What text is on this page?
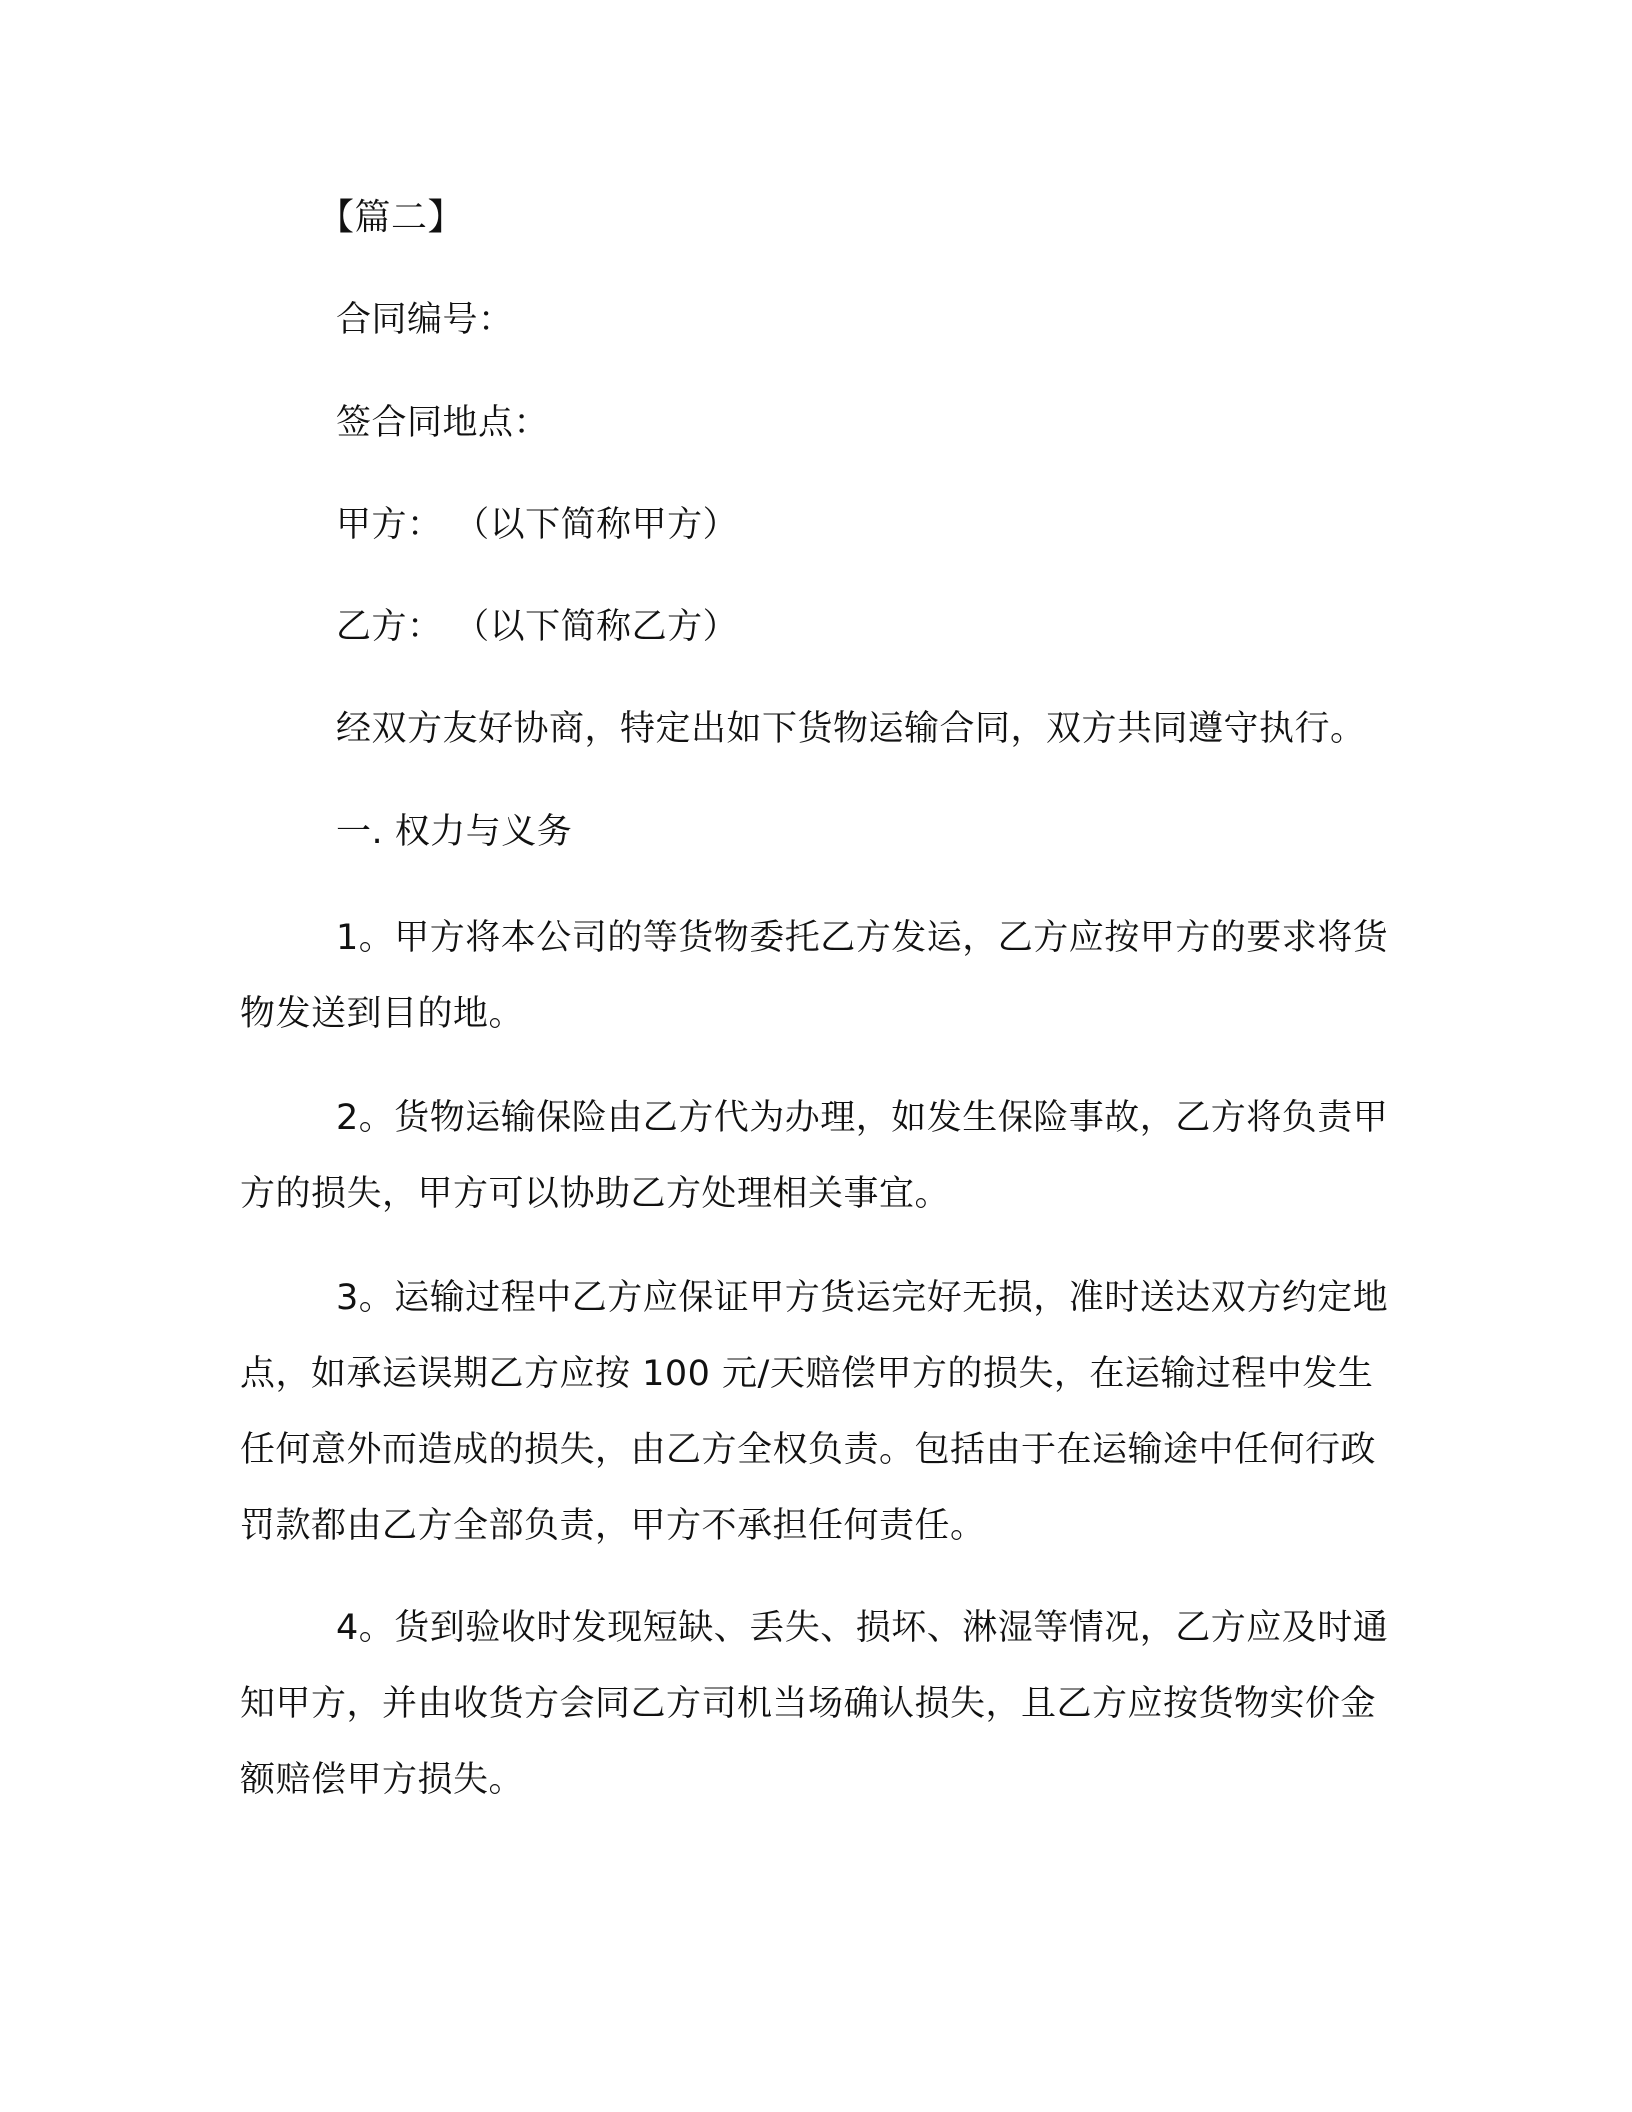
【篇二】
合同编号：
签合同地点：
甲方： （以下简称甲方）
乙方： （以下简称乙方）
经双方友好协商，特定出如下货物运输合同，双方共同遵守执行。
一. 权力与义务
1。甲方将本公司的等货物委托乙方发运，乙方应按甲方的要求将货物发送到目的地。
2。货物运输保险由乙方代为办理，如发生保险事故，乙方将负责甲方的损失，甲方可以协助乙方处理相关事宜。
3。运输过程中乙方应保证甲方货运完好无损，准时送达双方约定地点，如承运误期乙方应按 100 元/天赔偿甲方的损失，在运输过程中发生任何意外而造成的损失，由乙方全权负责。包括由于在运输途中任何行政罚款都由乙方全部负责，甲方不承担任何责任。
4。货到验收时发现短缺、丢失、损坏、淋湿等情况，乙方应及时通知甲方，并由收货方会同乙方司机当场确认损失，且乙方应按货物实价金额赔偿甲方损失。
